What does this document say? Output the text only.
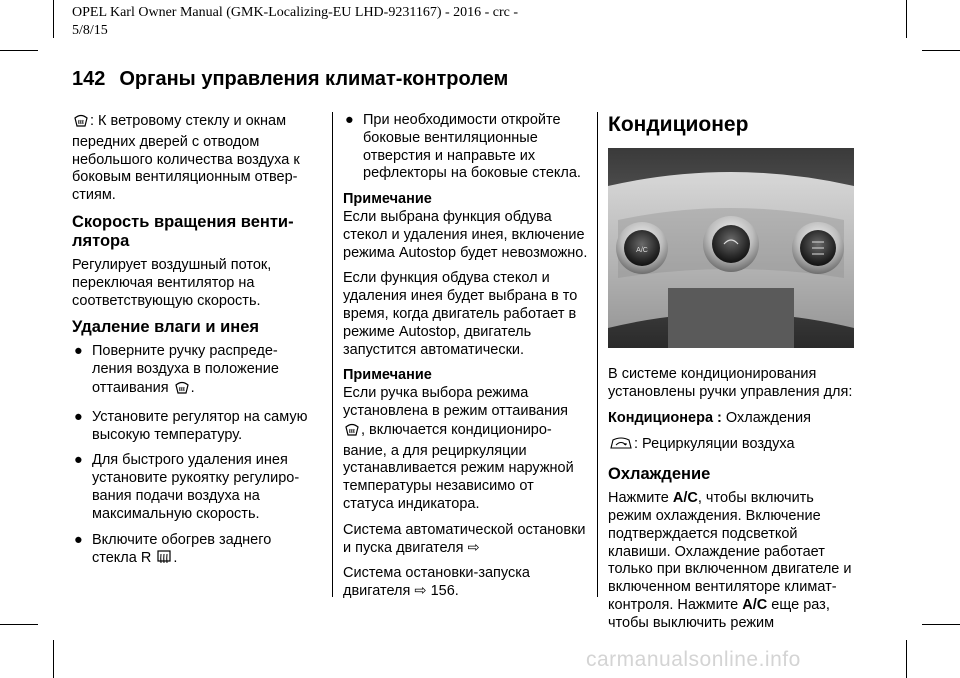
OPEL Karl Owner Manual (GMK-Localizing-EU LHD-9231167) - 2016 - crc -
5/8/15
142 Органы управления климат-контролем

: К ветровому стеклу и окнам передних дверей с отводом небольшого количества воздуха к боковым вентиляционным отвер-стиям.

Скорость вращения венти-лятора

Регулирует воздушный поток, переключая вентилятор на соответствующую скорость.

Удаление влаги и инея
● Поверните ручку распреде-ления воздуха в положение оттаивания .
● Установите регулятор на самую высокую температуру.
● Для быстрого удаления инея установите рукоятку регулиро-вания подачи воздуха на максимальную скорость.
● Включите обогрев заднего стекла R .
● При необходимости откройте боковые вентиляционные отверстия и направьте их рефлекторы на боковые стекла.

Примечание

Если выбрана функция обдува стекол и удаления инея, включение режима Autostop будет невозможно.

Если функция обдува стекол и удаления инея будет выбрана в то время, когда двигатель работает в режиме Autostop, двигатель запустится автоматически.

Примечание

Если ручка выбора режима установлена в режим оттаивания , включается кондициониро-вание, а для рециркуляции устанавливается режим наружной температуры независимо от статуса индикатора.

Система автоматической остановки и пуска двигателя ⇨

Система остановки-запуска двигателя ⇨ 156.

Кондиционер
A/C

В системе кондиционирования установлены ручки управления для:

Кондиционера : Охлаждения

: Рециркуляции воздуха

Охлаждение

Нажмите A/C, чтобы включить режим охлаждения. Включение подтверждается подсветкой клавиши. Охлаждение работает только при включенном двигателе и включенном вентиляторе климат-контроля. Нажмите A/C еще раз, чтобы выключить режим

carmanualsonline.info
